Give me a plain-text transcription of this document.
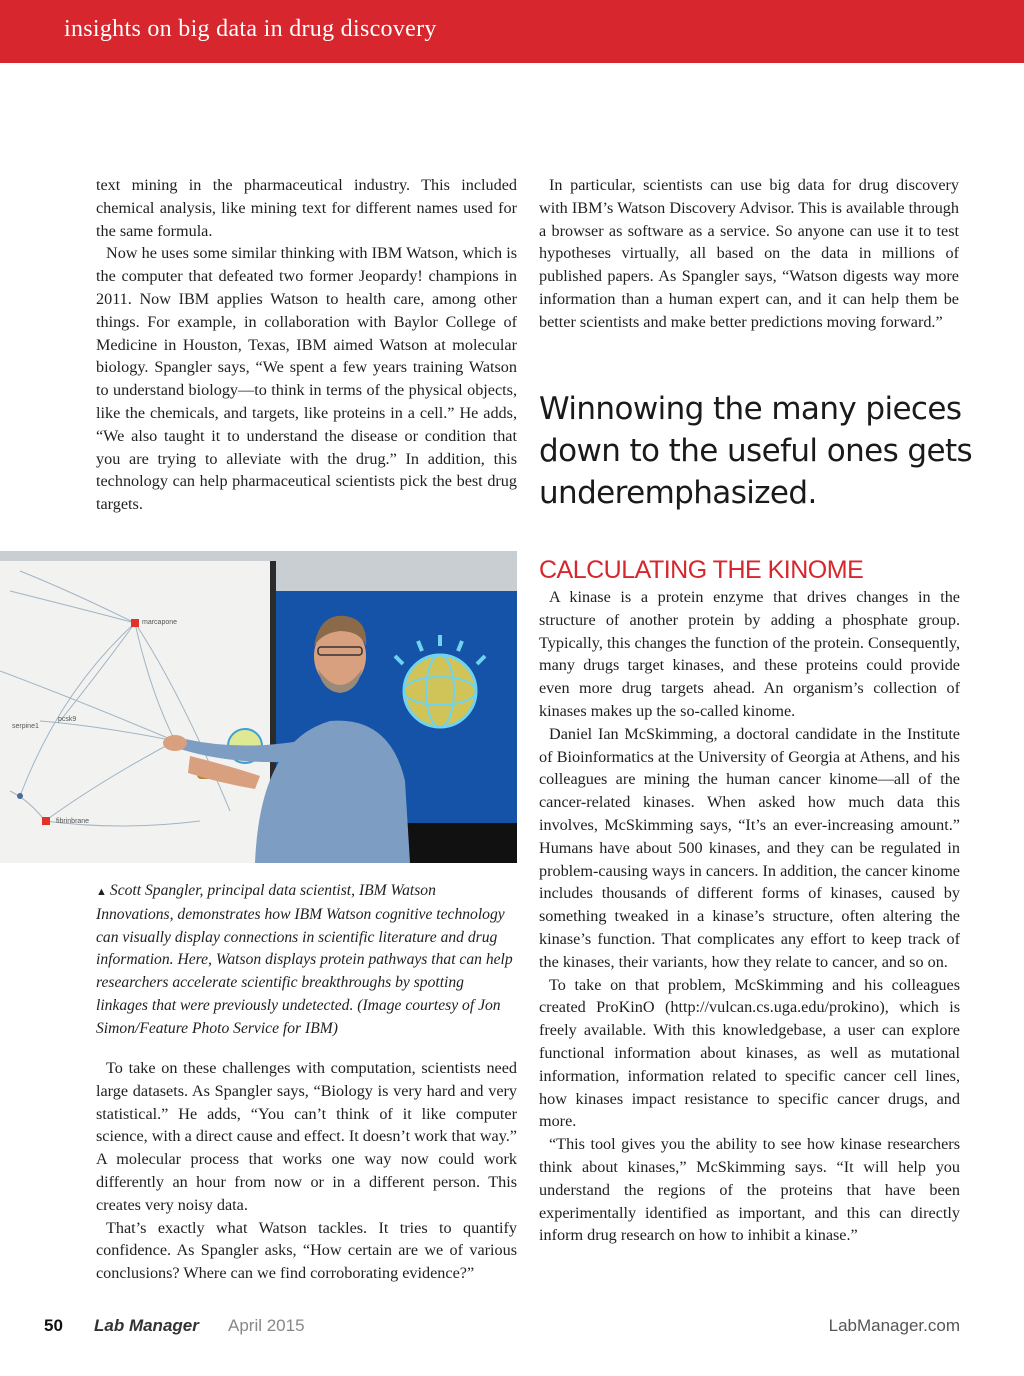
insights on big data in drug discovery

text mining in the pharmaceutical industry. This included chemical analysis, like mining text for different names used for the same formula.

Now he uses some similar thinking with IBM Watson, which is the computer that defeated two former Jeopardy! champions in 2011. Now IBM applies Watson to health care, among other things. For example, in collaboration with Baylor College of Medicine in Houston, Texas, IBM aimed Watson at molecular biology. Spangler says, “We spent a few years training Watson to understand biology—to think in terms of the physical objects, like the chemicals, and targets, like proteins in a cell.” He adds, “We also taught it to understand the disease or condition that you are trying to alleviate with the drug.” In addition, this technology can help pharmaceutical scientists pick the best drug targets.

marcapone
serpine1
pcsk9
fibrinbrane
▲ Scott Spangler, principal data scientist, IBM Watson Innovations, demonstrates how IBM Watson cognitive technology can visually display connections in scientific literature and drug information. Here, Watson displays protein pathways that can help researchers accelerate scientific breakthroughs by spotting linkages that were previously undetected. (Image courtesy of Jon Simon/Feature Photo Service for IBM)

To take on these challenges with computation, scientists need large datasets. As Spangler says, “Biology is very hard and very statistical.” He adds, “You can’t think of it like computer science, with a direct cause and effect. It doesn’t work that way.” A molecular process that works one way now could work differently an hour from now or in a different person. This creates very noisy data.

That’s exactly what Watson tackles. It tries to quantify confidence. As Spangler asks, “How certain are we of various conclusions? Where can we find corroborating evidence?”

In particular, scientists can use big data for drug discovery with IBM’s Watson Discovery Advisor. This is available through a browser as software as a service. So anyone can use it to test hypotheses virtually, all based on the data in millions of published papers. As Spangler says, “Watson digests way more information than a human expert can, and it can help them be better scientists and make better predictions moving forward.”

Winnowing the many pieces down to the useful ones gets underemphasized.
CALCULATING THE KINOME

A kinase is a protein enzyme that drives changes in the structure of another protein by adding a phosphate group. Typically, this changes the function of the protein. Consequently, many drugs target kinases, and these proteins could provide even more drug targets ahead. An organism’s collection of kinases makes up the so-called kinome.

Daniel Ian McSkimming, a doctoral candidate in the Institute of Bioinformatics at the University of Georgia at Athens, and his colleagues are mining the human cancer kinome—all of the cancer-related kinases. When asked how much data this involves, McSkimming says, “It’s an ever-increasing amount.” Humans have about 500 kinases, and they can be regulated in problem-causing ways in cancers. In addition, the cancer kinome includes thousands of different forms of kinases, caused by something tweaked in a kinase’s structure, often altering the kinase’s function. That complicates any effort to keep track of the kinases, their variants, how they relate to cancer, and so on.

To take on that problem, McSkimming and his colleagues created ProKinO (http://vulcan.cs.uga.edu/prokino), which is freely available. With this knowledgebase, a user can explore functional information about kinases, as well as mutational information, information related to specific cancer cell lines, how kinases impact resistance to specific cancer drugs, and more.

“This tool gives you the ability to see how kinase researchers think about kinases,” McSkimming says. “It will help you understand the regions of the proteins that have been experimentally identified as important, and this can directly inform drug research on how to inhibit a kinase.”

50 Lab Manager April 2015	LabManager.com
